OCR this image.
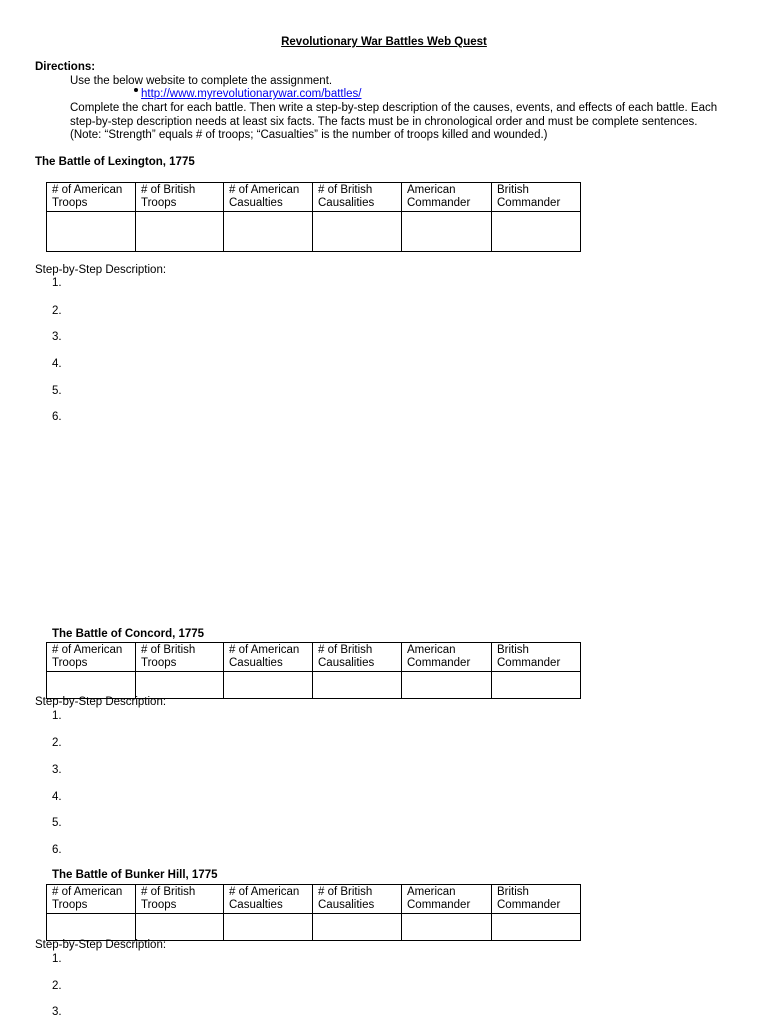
Revolutionary War Battles Web Quest
Directions:
Use the below website to complete the assignment.
http://www.myrevolutionarywar.com/battles/
Complete the chart for each battle. Then write a step-by-step description of the causes, events, and effects of each battle. Each
step-by-step description needs at least six facts. The facts must be in chronological order and must be complete sentences.
(Note: “Strength” equals # of troops; “Casualties” is the number of troops killed and wounded.)
The Battle of Lexington, 1775
# of American
Troops	# of British
Troops	# of American
Casualties	# of British
Causalities	American
Commander	British
Commander

Step-by-Step Description:
1.
2.
3.
4.
5.
6.
The Battle of Concord, 1775
# of American
Troops	# of British
Troops	# of American
Casualties	# of British
Causalities	American
Commander	British
Commander

Step-by-Step Description:
1.
2.
3.
4.
5.
6.
The Battle of Bunker Hill, 1775
# of American
Troops	# of British
Troops	# of American
Casualties	# of British
Causalities	American
Commander	British
Commander

Step-by-Step Description:
1.
2.
3.
